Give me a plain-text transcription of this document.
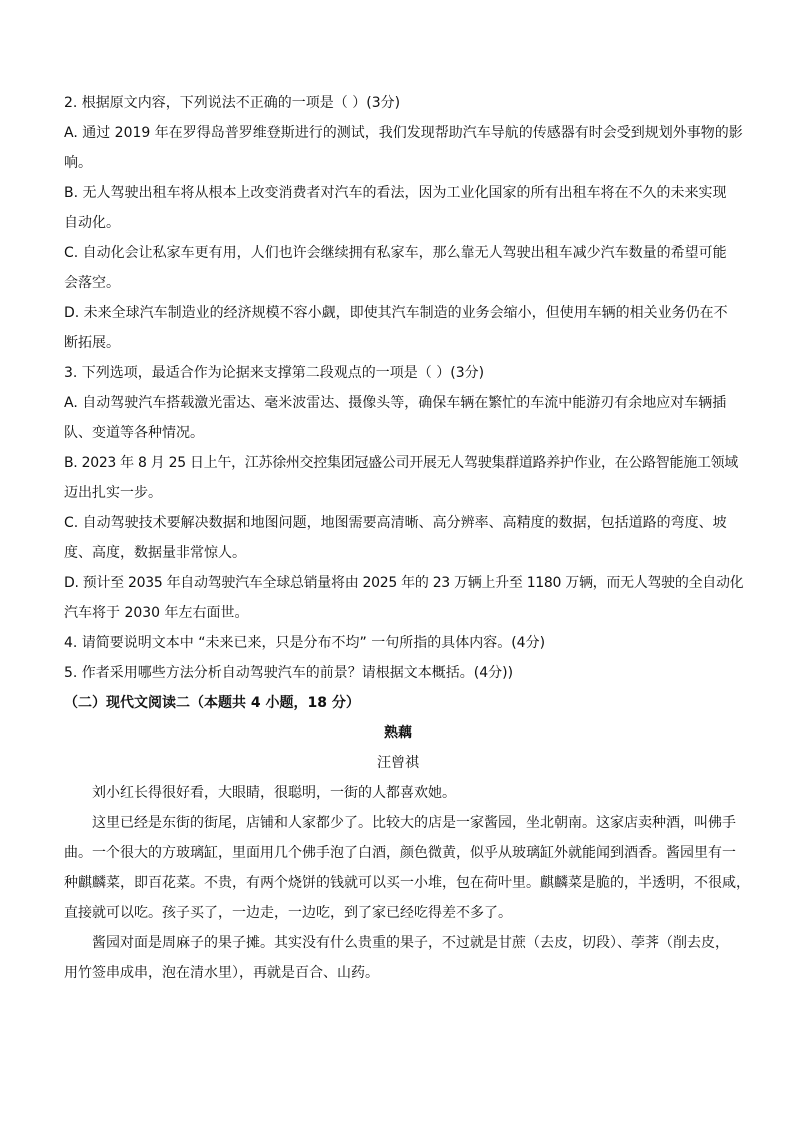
2. 根据原文内容，下列说法不正确的一项是（ ）(3分)
A. 通过 2019 年在罗得岛普罗维登斯进行的测试，我们发现帮助汽车导航的传感器有时会受到规划外事物的影
响。
B. 无人驾驶出租车将从根本上改变消费者对汽车的看法，因为工业化国家的所有出租车将在不久的未来实现
自动化。
C. 自动化会让私家车更有用，人们也许会继续拥有私家车，那么靠无人驾驶出租车减少汽车数量的希望可能
会落空。
D. 未来全球汽车制造业的经济规模不容小觑，即使其汽车制造的业务会缩小，但使用车辆的相关业务仍在不
断拓展。
3. 下列选项，最适合作为论据来支撑第二段观点的一项是（ ）(3分)
A. 自动驾驶汽车搭载激光雷达、毫米波雷达、摄像头等，确保车辆在繁忙的车流中能游刃有余地应对车辆插
队、变道等各种情况。
B. 2023 年 8 月 25 日上午，江苏徐州交控集团冠盛公司开展无人驾驶集群道路养护作业，在公路智能施工领域
迈出扎实一步。
C. 自动驾驶技术要解决数据和地图问题，地图需要高清晰、高分辨率、高精度的数据，包括道路的弯度、坡
度、高度，数据量非常惊人。
D. 预计至 2035 年自动驾驶汽车全球总销量将由 2025 年的 23 万辆上升至 1180 万辆，而无人驾驶的全自动化
汽车将于 2030 年左右面世。
4. 请简要说明文本中 “未来已来，只是分布不均” 一句所指的具体内容。(4分)
5. 作者采用哪些方法分析自动驾驶汽车的前景？请根据文本概括。(4分))
（二）现代文阅读二（本题共 4 小题，18 分）
熟藕
汪曾祺
刘小红长得很好看，大眼睛，很聪明，一街的人都喜欢她。
这里已经是东街的街尾，店铺和人家都少了。比较大的店是一家酱园，坐北朝南。这家店卖种酒，叫佛手
曲。一个很大的方玻璃缸，里面用几个佛手泡了白酒，颜色微黄，似乎从玻璃缸外就能闻到酒香。酱园里有一
种麒麟菜，即百花菜。不贵，有两个烧饼的钱就可以买一小堆，包在荷叶里。麒麟菜是脆的，半透明，不很咸，
直接就可以吃。孩子买了，一边走，一边吃，到了家已经吃得差不多了。
酱园对面是周麻子的果子摊。其实没有什么贵重的果子，不过就是甘蔗（去皮，切段）、荸荠（削去皮，
用竹签串成串，泡在清水里），再就是百合、山药。
